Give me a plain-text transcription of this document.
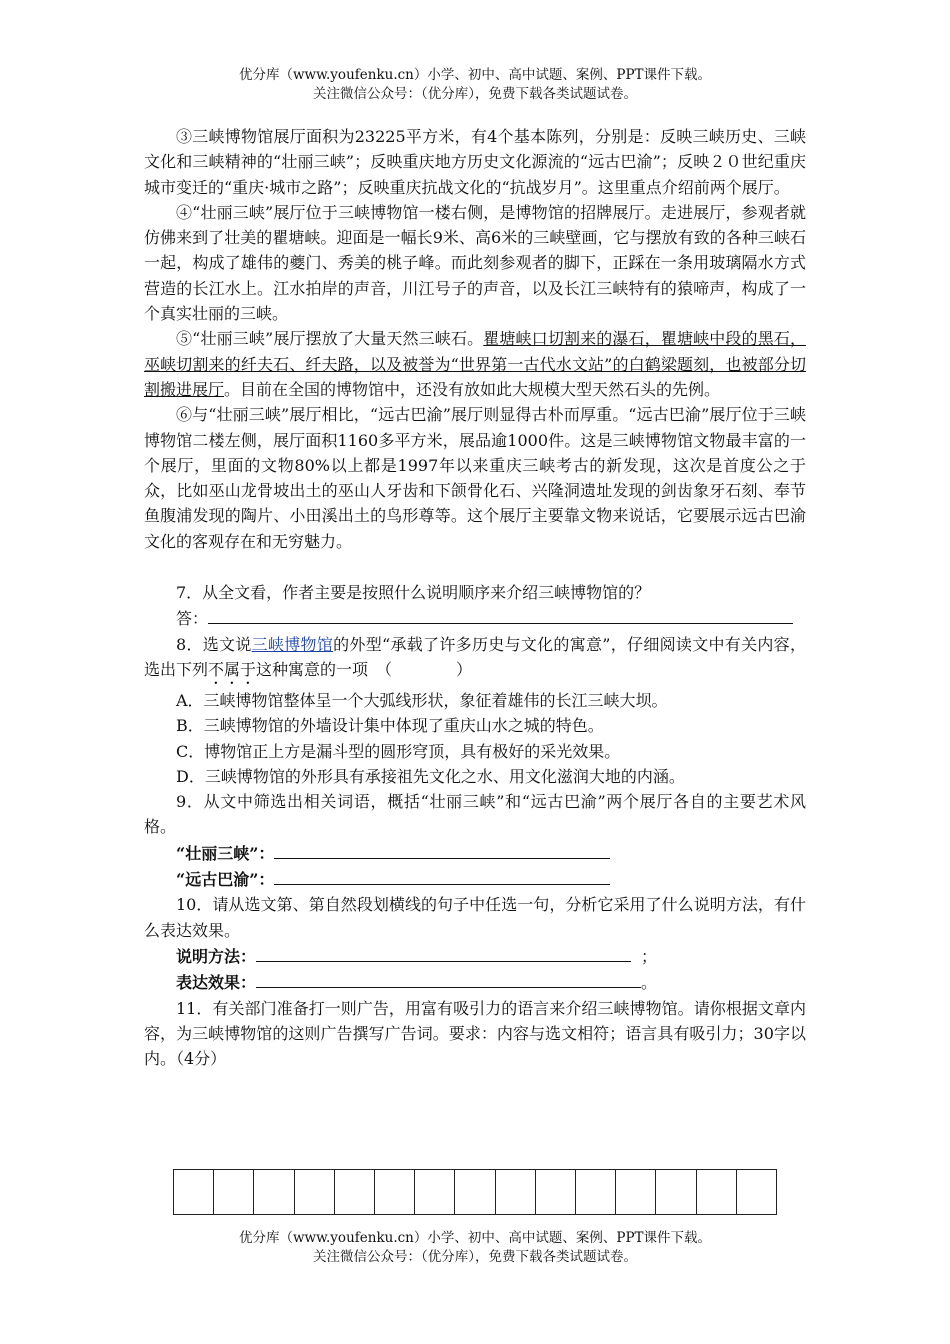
优分库（www.youfenku.cn）小学、初中、高中试题、案例、PPT课件下载。
关注微信公众号：（优分库），免费下载各类试题试卷。

③三峡博物馆展厅面积为23225平方米，有4个基本陈列，分别是：反映三峡历史、三峡文化和三峡精神的“壮丽三峡”；反映重庆地方历史文化源流的“远古巴渝”；反映２０世纪重庆城市变迁的“重庆·城市之路”；反映重庆抗战文化的“抗战岁月”。这里重点介绍前两个展厅。

④“壮丽三峡”展厅位于三峡博物馆一楼右侧，是博物馆的招牌展厅。走进展厅，参观者就仿佛来到了壮美的瞿塘峡。迎面是一幅长9米、高6米的三峡壁画，它与摆放有致的各种三峡石一起，构成了雄伟的夔门、秀美的桃子峰。而此刻参观者的脚下，正踩在一条用玻璃隔水方式营造的长江水上。江水拍岸的声音，川江号子的声音，以及长江三峡特有的猿啼声，构成了一个真实壮丽的三峡。

⑤“壮丽三峡”展厅摆放了大量天然三峡石。瞿塘峡口切割来的瀑石，瞿塘峡中段的黑石，巫峡切割来的纤夫石、纤夫路，以及被誉为“世界第一古代水文站”的白鹤梁题刻，也被部分切割搬进展厅。目前在全国的博物馆中，还没有放如此大规模大型天然石头的先例。

⑥与“壮丽三峡”展厅相比，“远古巴渝”展厅则显得古朴而厚重。“远古巴渝”展厅位于三峡博物馆二楼左侧，展厅面积1160多平方米，展品逾1000件。这是三峡博物馆文物最丰富的一个展厅，里面的文物80%以上都是1997年以来重庆三峡考古的新发现，这次是首度公之于众，比如巫山龙骨坡出土的巫山人牙齿和下颌骨化石、兴隆洞遗址发现的剑齿象牙石刻、奉节鱼腹浦发现的陶片、小田溪出土的鸟形尊等。这个展厅主要靠文物来说话，它要展示远古巴渝文化的客观存在和无穷魅力。

7．从全文看，作者主要是按照什么说明顺序来介绍三峡博物馆的？

答：

8．选文说三峡博物馆的外型“承载了许多历史与文化的寓意”，仔细阅读文中有关内容，选出下列不属于这种寓意的一项　（　　　　）

A．三峡博物馆整体呈一个大弧线形状，象征着雄伟的长江三峡大坝。

B．三峡博物馆的外墙设计集中体现了重庆山水之城的特色。

C．博物馆正上方是漏斗型的圆形穹顶，具有极好的采光效果。

D．三峡博物馆的外形具有承接祖先文化之水、用文化滋润大地的内涵。

9．从文中筛选出相关词语，概括“壮丽三峡”和“远古巴渝”两个展厅各自的主要艺术风格。

“壮丽三峡”：
“远古巴渝”：

10．请从选文第、第自然段划横线的句子中任选一句，分析它采用了什么说明方法，有什么表达效果。

说明方法：	；
表达效果：	。

11．有关部门准备打一则广告，用富有吸引力的语言来介绍三峡博物馆。请你根据文章内容，为三峡博物馆的这则广告撰写广告词。要求：内容与选文相符；语言具有吸引力；30字以内。（4分）

优分库（www.youfenku.cn）小学、初中、高中试题、案例、PPT课件下载。
关注微信公众号：（优分库），免费下载各类试题试卷。
